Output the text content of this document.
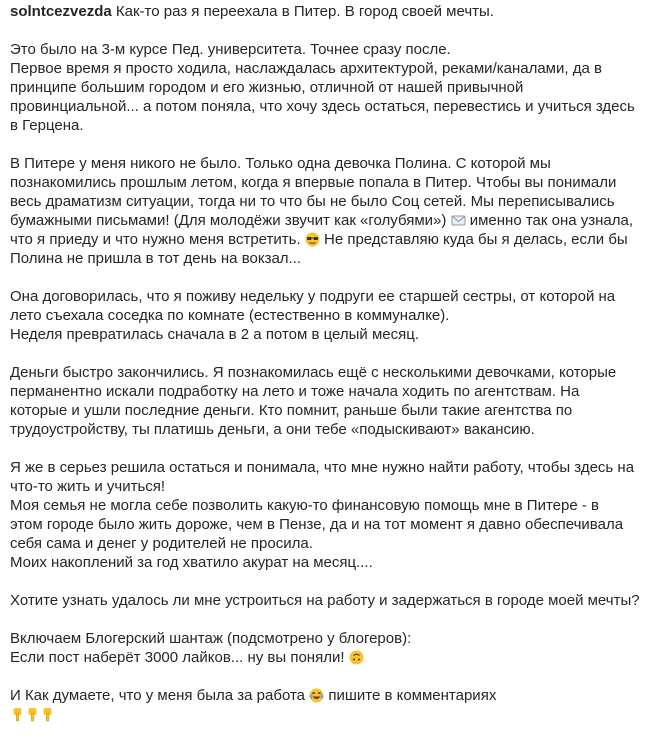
solntcezvezda Как-то раз я переехала в Питер. В город своей мечты.
Это было на 3-м курсе Пед. университета. Точнее сразу после.
Первое время я просто ходила, наслаждалась архитектурой, реками/каналами, да в
принципе большим городом и его жизнью, отличной от нашей привычной
провинциальной... а потом поняла, что хочу здесь остаться, перевестись и учиться здесь
в Герцена.
В Питере у меня никого не было. Только одна девочка Полина. С которой мы
познакомились прошлым летом, когда я впервые попала в Питер. Чтобы вы понимали
весь драматизм ситуации, тогда ни то что бы не было Соц сетей. Мы переписывались
бумажными письмами! (Для молодёжи звучит как «голубями»)
именно так она узнала,
что я приеду и что нужно меня встретить.
Не представляю куда бы я делась, если бы
Полина не пришла в тот день на вокзал...
Она договорилась, что я поживу недельку у подруги ее старшей сестры, от которой на
лето съехала соседка по комнате (естественно в коммуналке).
Неделя превратилась сначала в 2 а потом в целый месяц.
Деньги быстро закончились. Я познакомилась ещё с несколькими девочками, которые
перманентно искали подработку на лето и тоже начала ходить по агентствам. На
которые и ушли последние деньги. Кто помнит, раньше были такие агентства по
трудоустройству, ты платишь деньги, а они тебе «подыскивают» вакансию.
Я же в серьез решила остаться и понимала, что мне нужно найти работу, чтобы здесь на
что-то жить и учиться!
Моя семья не могла себе позволить какую-то финансовую помощь мне в Питере - в
этом городе было жить дороже, чем в Пензе, да и на тот момент я давно обеспечивала
себя сама и денег у родителей не просила.
Моих накоплений за год хватило акурат на месяц....
Хотите узнать удалось ли мне устроиться на работу и задержаться в городе моей мечты?
Включаем Блогерский шантаж (подсмотрено у блогеров):
Если пост наберёт 3000 лайков... ну вы поняли!
И Как думаете, что у меня была за работа
пишите в комментариях
